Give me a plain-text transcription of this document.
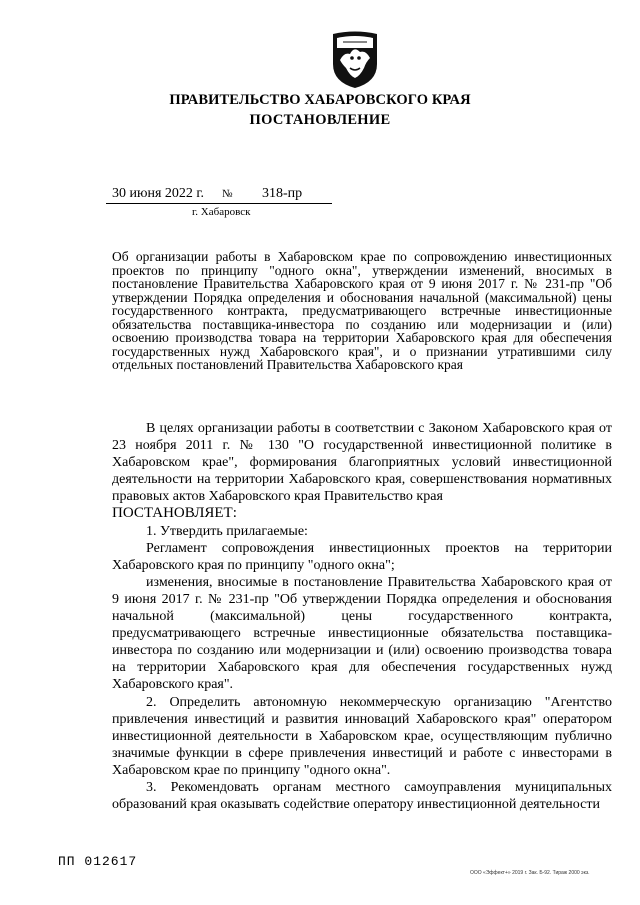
ПРАВИТЕЛЬСТВО ХАБАРОВСКОГО КРАЯ
ПОСТАНОВЛЕНИЕ
30 июня 2022 г. № 318-пр
г. Хабаровск
Об организации работы в Хабаровском крае по сопровождению инвестиционных проектов по принципу "одного окна", утверждении изменений, вносимых в постановление Правительства Хабаровского края от 9 июня 2017 г. № 231-пр "Об утверждении Порядка определения и обоснования начальной (максимальной) цены государственного контракта, предусматривающего встречные инвестиционные обязательства поставщика-инвестора по созданию или модернизации и (или) освоению производства товара на территории Хабаровского края для обеспечения государственных нужд Хабаровского края", и о признании утратившими силу отдельных постановлений Правительства Хабаровского края

В целях организации работы в соответствии с Законом Хабаровского края от 23 ноября 2011 г. № 130 "О государственной инвестиционной политике в Хабаровском крае", формирования благоприятных условий инвестиционной деятельности на территории Хабаровского края, совершенствования нормативных правовых актов Хабаровского края Правительство края

ПОСТАНОВЛЯЕТ:

1. Утвердить прилагаемые:

Регламент сопровождения инвестиционных проектов на территории Хабаровского края по принципу "одного окна";

изменения, вносимые в постановление Правительства Хабаровского края от 9 июня 2017 г. № 231-пр "Об утверждении Порядка определения и обоснования начальной (максимальной) цены государственного контракта, предусматривающего встречные инвестиционные обязательства поставщика-инвестора по созданию или модернизации и (или) освоению производства товара на территории Хабаровского края для обеспечения государственных нужд Хабаровского края".

2. Определить автономную некоммерческую организацию "Агентство привлечения инвестиций и развития инноваций Хабаровского края" оператором инвестиционной деятельности в Хабаровском крае, осуществляющим публично значимые функции в сфере привлечения инвестиций и работе с инвесторами в Хабаровском крае по принципу "одного окна".

3. Рекомендовать органам местного самоуправления муниципальных образований края оказывать содействие оператору инвестиционной деятельности

ПП 012617
ООО «Эффект+» 2019 г. Зак. Б-92. Тираж 2000 экз.
